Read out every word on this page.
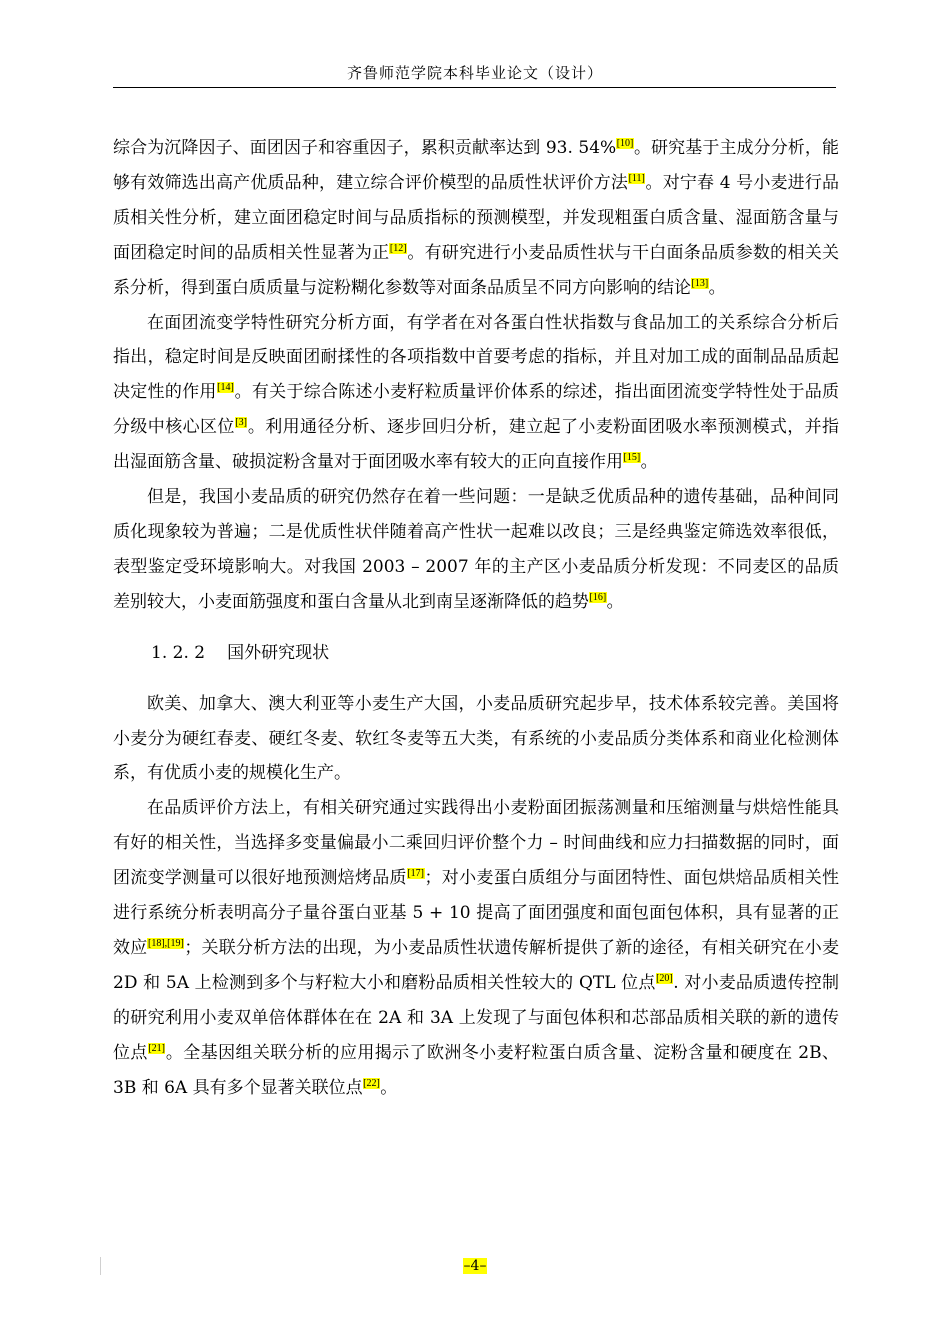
齐鲁师范学院本科毕业论文（设计）

综合为沉降因子、面团因子和容重因子，累积贡献率达到 93. 54%[10]。研究基于主成分分析，能够有效筛选出高产优质品种，建立综合评价模型的品质性状评价方法[11]。对宁春 4 号小麦进行品质相关性分析，建立面团稳定时间与品质指标的预测模型，并发现粗蛋白质含量、湿面筋含量与面团稳定时间的品质相关性显著为正[12]。有研究进行小麦品质性状与干白面条品质参数的相关关系分析，得到蛋白质质量与淀粉糊化参数等对面条品质呈不同方向影响的结论[13]。

在面团流变学特性研究分析方面，有学者在对各蛋白性状指数与食品加工的关系综合分析后指出，稳定时间是反映面团耐揉性的各项指数中首要考虑的指标，并且对加工成的面制品品质起决定性的作用[14]。有关于综合陈述小麦籽粒质量评价体系的综述，指出面团流变学特性处于品质分级中核心区位[3]。利用通径分析、逐步回归分析，建立起了小麦粉面团吸水率预测模式，并指出湿面筋含量、破损淀粉含量对于面团吸水率有较大的正向直接作用[15]。

但是，我国小麦品质的研究仍然存在着一些问题：一是缺乏优质品种的遗传基础，品种间同质化现象较为普遍；二是优质性状伴随着高产性状一起难以改良；三是经典鉴定筛选效率很低，表型鉴定受环境影响大。对我国 2003 – 2007 年的主产区小麦品质分析发现：不同麦区的品质差别较大，小麦面筋强度和蛋白含量从北到南呈逐渐降低的趋势[16]。

1. 2. 2 国外研究现状

欧美、加拿大、澳大利亚等小麦生产大国，小麦品质研究起步早，技术体系较完善。美国将小麦分为硬红春麦、硬红冬麦、软红冬麦等五大类，有系统的小麦品质分类体系和商业化检测体系，有优质小麦的规模化生产。

在品质评价方法上，有相关研究通过实践得出小麦粉面团振荡测量和压缩测量与烘焙性能具有好的相关性，当选择多变量偏最小二乘回归评价整个力 – 时间曲线和应力扫描数据的同时，面团流变学测量可以很好地预测焙烤品质[17]；对小麦蛋白质组分与面团特性、面包烘焙品质相关性进行系统分析表明高分子量谷蛋白亚基 5 + 10 提高了面团强度和面包面包体积，具有显著的正效应[18],[19]；关联分析方法的出现，为小麦品质性状遗传解析提供了新的途径，有相关研究在小麦 2D 和 5A 上检测到多个与籽粒大小和磨粉品质相关性较大的 QTL 位点[20]. 对小麦品质遗传控制的研究利用小麦双单倍体群体在在 2A 和 3A 上发现了与面包体积和芯部品质相关联的新的遗传位点[21]。全基因组关联分析的应用揭示了欧洲冬小麦籽粒蛋白质含量、淀粉含量和硬度在 2B、3B 和 6A 具有多个显著关联位点[22]。

–4–
